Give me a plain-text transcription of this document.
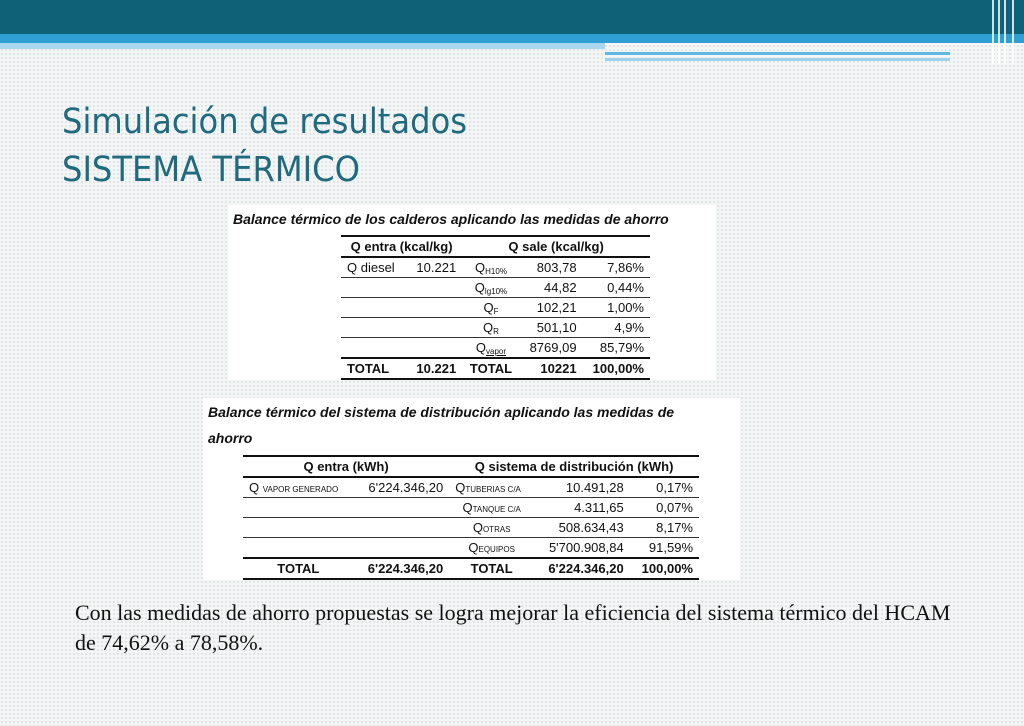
Simulación de resultados
SISTEMA TÉRMICO
Balance térmico de los calderos aplicando las medidas de ahorro
Q entra (kcal/kg)		Q sale (kcal/kg)		
Q diesel	10.221	$Q_{H10\%}$	803,78	7,86%
		$Q_{lg10\%}$	44,82	0,44%
		$Q_F$	102,21	1,00%
		$Q_R$	501,10	4,9%
		$Q_{vapor}$	8769,09	85,79%
TOTAL	10.221	TOTAL	10221	100,00%
Balance térmico del sistema de distribución aplicando las medidas de
ahorro
Q entra (kWh)		Q sistema de distribución (kWh)		
Q VAPOR GENERADO	6'224.346,20	QTUBERIAS C/A	10.491,28	0,17%
		QTANQUE C/A	4.311,65	0,07%
		QOTRAS	508.634,43	8,17%
		QEQUIPOS	5'700.908,84	91,59%
TOTAL	6'224.346,20	TOTAL	6'224.346,20	100,00%
Con las medidas de ahorro propuestas se logra mejorar la eficiencia del sistema térmico del HCAM de 74,62% a 78,58%.
